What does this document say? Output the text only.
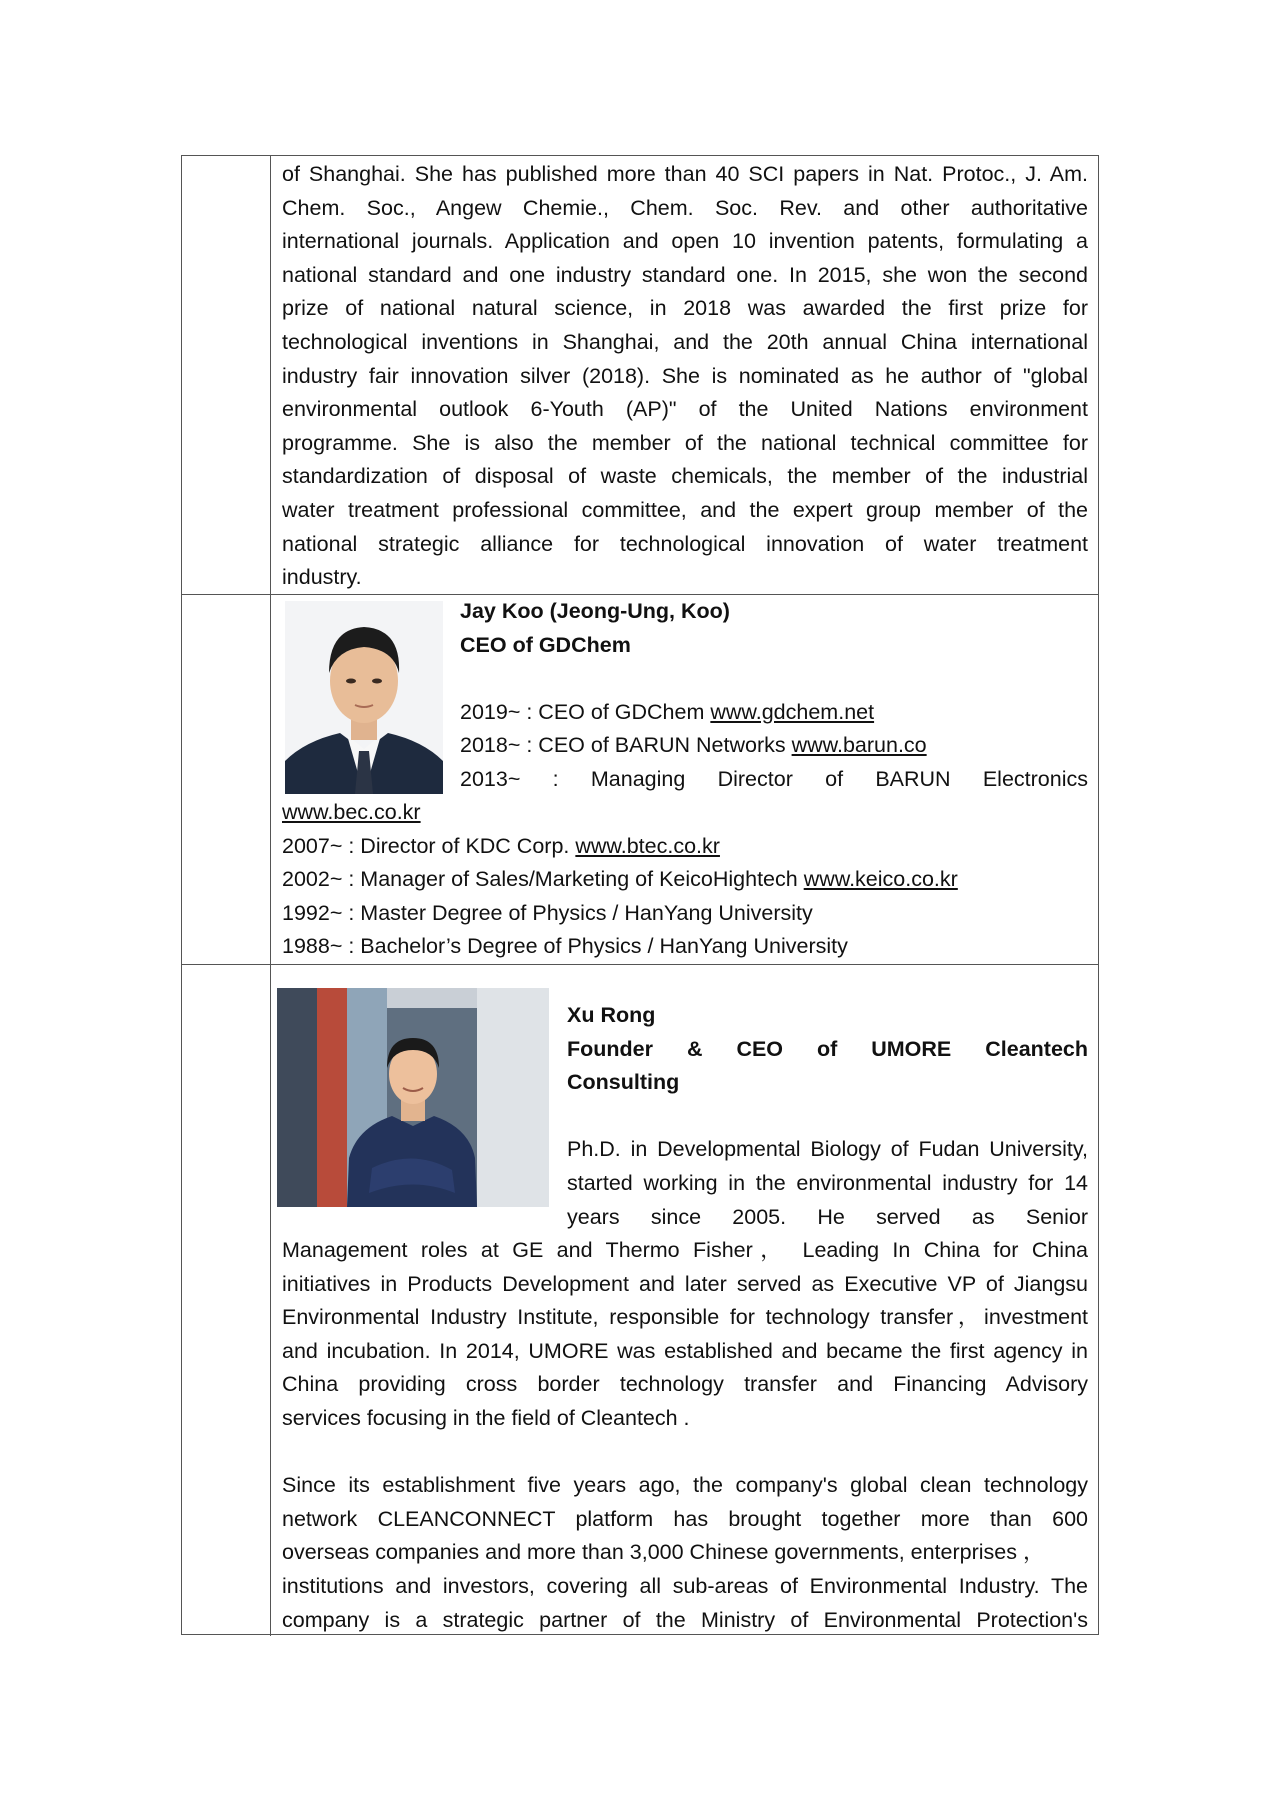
of Shanghai. She has published more than 40 SCI papers in Nat. Protoc., J. Am.
Chem. Soc., Angew Chemie., Chem. Soc. Rev. and other authoritative
international journals. Application and open 10 invention patents, formulating a
national standard and one industry standard one. In 2015, she won the second
prize of national natural science, in 2018 was awarded the first prize for
technological inventions in Shanghai, and the 20th annual China international
industry fair innovation silver (2018). She is nominated as he author of "global
environmental outlook 6-Youth (AP)" of the United Nations environment
programme. She is also the member of the national technical committee for
standardization of disposal of waste chemicals, the member of the industrial
water treatment professional committee, and the expert group member of the
national strategic alliance for technological innovation of water treatment
industry.
Jay Koo (Jeong-Ung, Koo)
CEO of GDChem
2019~ : CEO of GDChem www.gdchem.net
2018~ : CEO of BARUN Networks www.barun.co
2013~ : Managing Director of BARUN Electronics
www.bec.co.kr
2007~ : Director of KDC Corp. www.btec.co.kr
2002~ : Manager of Sales/Marketing of KeicoHightech www.keico.co.kr
1992~ : Master Degree of Physics / HanYang University
1988~ : Bachelor’s Degree of Physics / HanYang University
Xu Rong
Founder & CEO of UMORE Cleantech
Consulting
Ph.D. in Developmental Biology of Fudan University,
started working in the environmental industry for 14
years since 2005. He served as Senior
Management roles at GE and Thermo Fisher， Leading In China for China
initiatives in Products Development and later served as Executive VP of Jiangsu
Environmental Industry Institute, responsible for technology transfer，investment
and incubation. In 2014, UMORE was established and became the first agency in
China providing cross border technology transfer and Financing Advisory
services focusing in the field of Cleantech .
Since its establishment five years ago, the company's global clean technology
network CLEANCONNECT platform has brought together more than 600
overseas companies and more than 3,000 Chinese governments, enterprises ，
institutions and investors, covering all sub-areas of Environmental Industry. The
company is a strategic partner of the Ministry of Environmental Protection's
